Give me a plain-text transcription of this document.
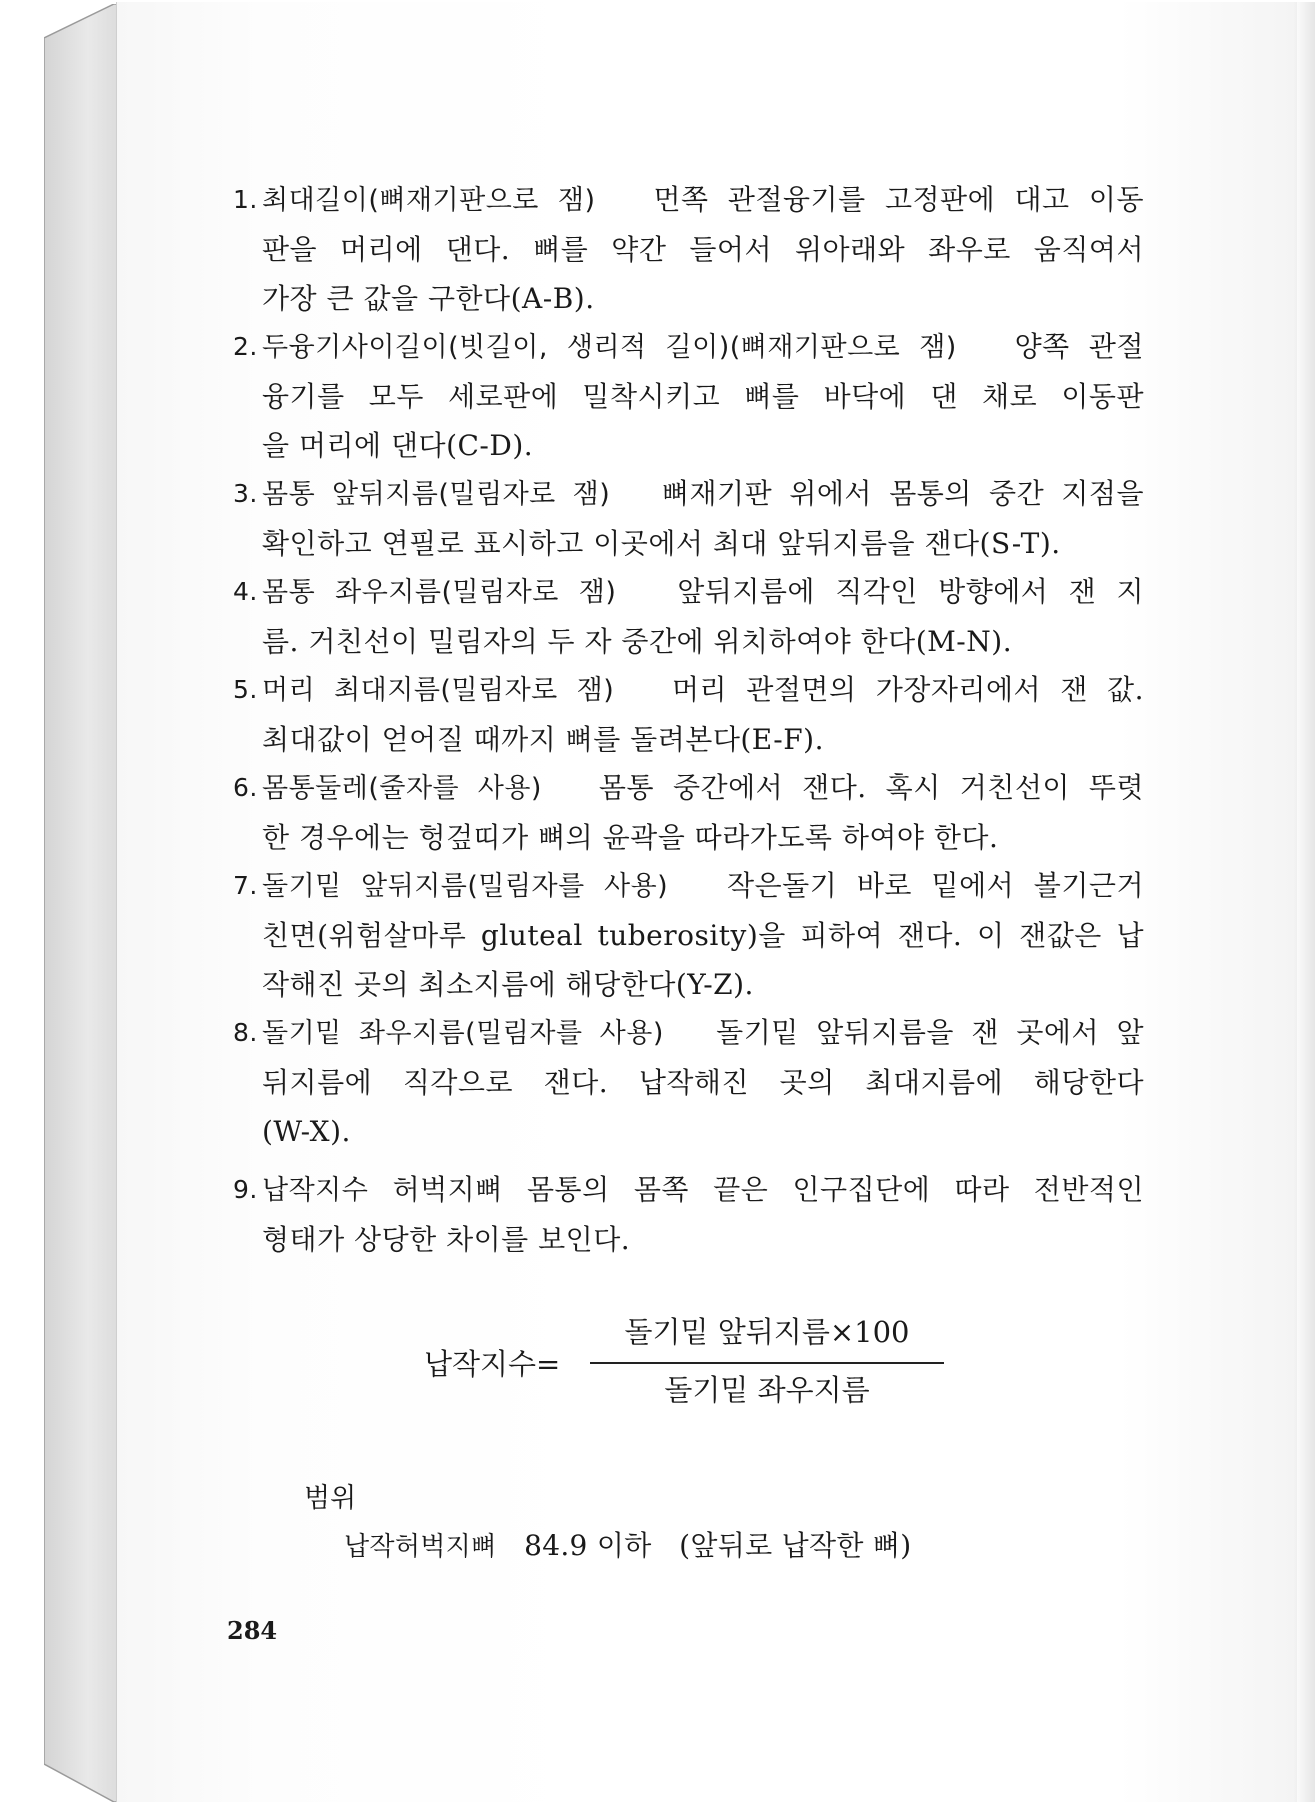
1. 최대길이(뼈재기판으로 잼) 먼쪽 관절융기를 고정판에 대고 이동
판을 머리에 댄다. 뼈를 약간 들어서 위아래와 좌우로 움직여서
가장 큰 값을 구한다(A-B).
2. 두융기사이길이(빗길이, 생리적 길이)(뼈재기판으로 잼) 양쪽 관절
융기를 모두 세로판에 밀착시키고 뼈를 바닥에 댄 채로 이동판
을 머리에 댄다(C-D).
3. 몸통 앞뒤지름(밀림자로 잼) 뼈재기판 위에서 몸통의 중간 지점을
확인하고 연필로 표시하고 이곳에서 최대 앞뒤지름을 잰다(S-T).
4. 몸통 좌우지름(밀림자로 잼) 앞뒤지름에 직각인 방향에서 잰 지
름. 거친선이 밀림자의 두 자 중간에 위치하여야 한다(M-N).
5. 머리 최대지름(밀림자로 잼) 머리 관절면의 가장자리에서 잰 값.
최대값이 얻어질 때까지 뼈를 돌려본다(E-F).
6. 몸통둘레(줄자를 사용) 몸통 중간에서 잰다. 혹시 거친선이 뚜렷
한 경우에는 헝겊띠가 뼈의 윤곽을 따라가도록 하여야 한다.
7. 돌기밑 앞뒤지름(밀림자를 사용) 작은돌기 바로 밑에서 볼기근거
친면(위험살마루 gluteal tuberosity)을 피하여 잰다. 이 잰값은 납
작해진 곳의 최소지름에 해당한다(Y-Z).
8. 돌기밑 좌우지름(밀림자를 사용) 돌기밑 앞뒤지름을 잰 곳에서 앞
뒤지름에 직각으로 잰다. 납작해진 곳의 최대지름에 해당한다
(W-X).
9. 납작지수 허벅지뼈 몸통의 몸쪽 끝은 인구집단에 따라 전반적인
형태가 상당한 차이를 보인다.
납작지수=
돌기밑 앞뒤지름×100
돌기밑 좌우지름
범위
납작허벅지뼈 84.9 이하 (앞뒤로 납작한 뼈)
284
